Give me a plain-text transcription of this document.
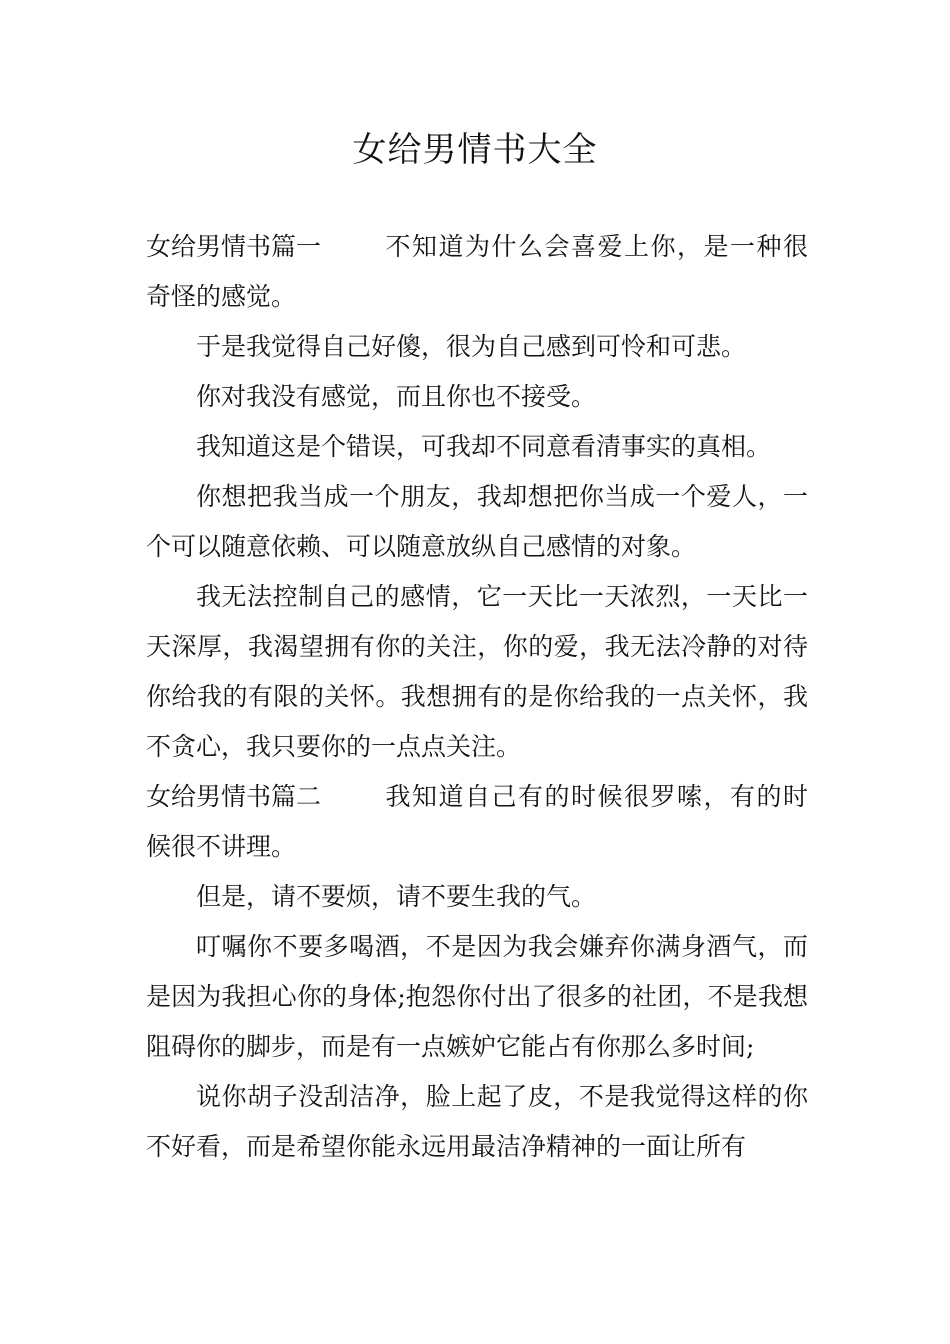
女给男情书大全

女给男情书篇一	不知道为什么会喜爱上你，是一种很奇怪的感觉。

于是我觉得自己好傻，很为自己感到可怜和可悲。

你对我没有感觉，而且你也不接受。

我知道这是个错误，可我却不同意看清事实的真相。

你想把我当成一个朋友，我却想把你当成一个爱人，一个可以随意依赖、可以随意放纵自己感情的对象。

我无法控制自己的感情，它一天比一天浓烈，一天比一天深厚，我渴望拥有你的关注，你的爱，我无法冷静的对待你给我的有限的关怀。我想拥有的是你给我的一点关怀，我不贪心，我只要你的一点点关注。

女给男情书篇二	我知道自己有的时候很罗嗦，有的时候很不讲理。

但是，请不要烦，请不要生我的气。

叮嘱你不要多喝酒，不是因为我会嫌弃你满身酒气，而是因为我担心你的身体;抱怨你付出了很多的社团，不是我想阻碍你的脚步，而是有一点嫉妒它能占有你那么多时间;

说你胡子没刮洁净，脸上起了皮，不是我觉得这样的你不好看，而是希望你能永远用最洁净精神的一面让所有
